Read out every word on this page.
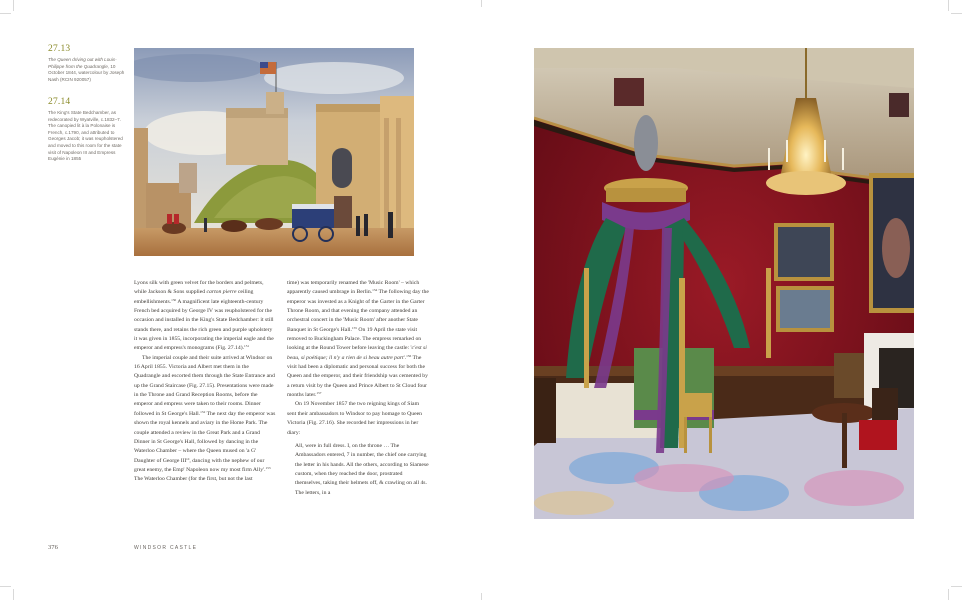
27.13

The Queen driving out with Louis-Philippe from the Quadrangle, 10 October 1844, watercolour by Joseph Nash (RCIN 920057)

27.14

The King's State Bedchamber, as redecorated by Wyatville, c.1832–7. The canopied lit à la Polonaise is French, c.1790, and attributed to Georges Jacob; it was reupholstered and moved to this room for the state visit of Napoleon III and Empress Eugénie in 1855

Lyons silk with green velvet for the borders and pelmets, while Jackson & Sons supplied carton pierre ceiling embellishments.$^{150}$ A magnificent late eighteenth-century French bed acquired by George IV was reupholstered for the occasion and installed in the King's State Bedchamber: it still stands there, and retains the rich green and purple upholstery it was given in 1855, incorporating the imperial eagle and the emperor and empress's monograms (Fig. 27.14).$^{151}$

The imperial couple and their suite arrived at Windsor on 16 April 1855. Victoria and Albert met them in the Quadrangle and escorted them through the State Entrance and up the Grand Staircase (Fig. 27.15). Presentations were made in the Throne and Grand Reception Rooms, before the emperor and empress were taken to their rooms. Dinner followed in St George's Hall.$^{152}$ The next day the emperor was shown the royal kennels and aviary in the Home Park. The couple attended a review in the Great Park and a Grand Dinner in St George's Hall, followed by dancing in the Waterloo Chamber – where the Queen mused on 'a $G^t$ Daughter of George IIIrd, dancing with the nephew of our great enemy, the Emp$^r$ Napoleon now my most firm Ally'.$^{153}$ The Waterloo Chamber (for the first, but not the last

time) was temporarily renamed the 'Music Room' – which apparently caused umbrage in Berlin.$^{154}$ The following day the emperor was invested as a Knight of the Garter in the Garter Throne Room, and that evening the company attended an orchestral concert in the 'Music Room' after another State Banquet in St George's Hall.$^{155}$ On 19 April the state visit removed to Buckingham Palace. The empress remarked on looking at the Round Tower before leaving the castle: 'c'est si beau, si poétique; il n'y a rien de si beau autre part'.$^{156}$ The visit had been a diplomatic and personal success for both the Queen and the emperor, and their friendship was cemented by a return visit by the Queen and Prince Albert to St Cloud four months later.$^{157}$

On 19 November 1857 the two reigning kings of Siam sent their ambassadors to Windsor to pay homage to Queen Victoria (Fig. 27.16). She recorded her impressions in her diary:

All, were in full dress. I, on the throne … The Ambassadors entered, 7 in number, the chief one carrying the letter in his hands. All the others, according to Siamese custom, when they reached the door, prostrated themselves, taking their helmets off, & crawling on all 4s. The letters, in a

376	WINDSOR CASTLE
